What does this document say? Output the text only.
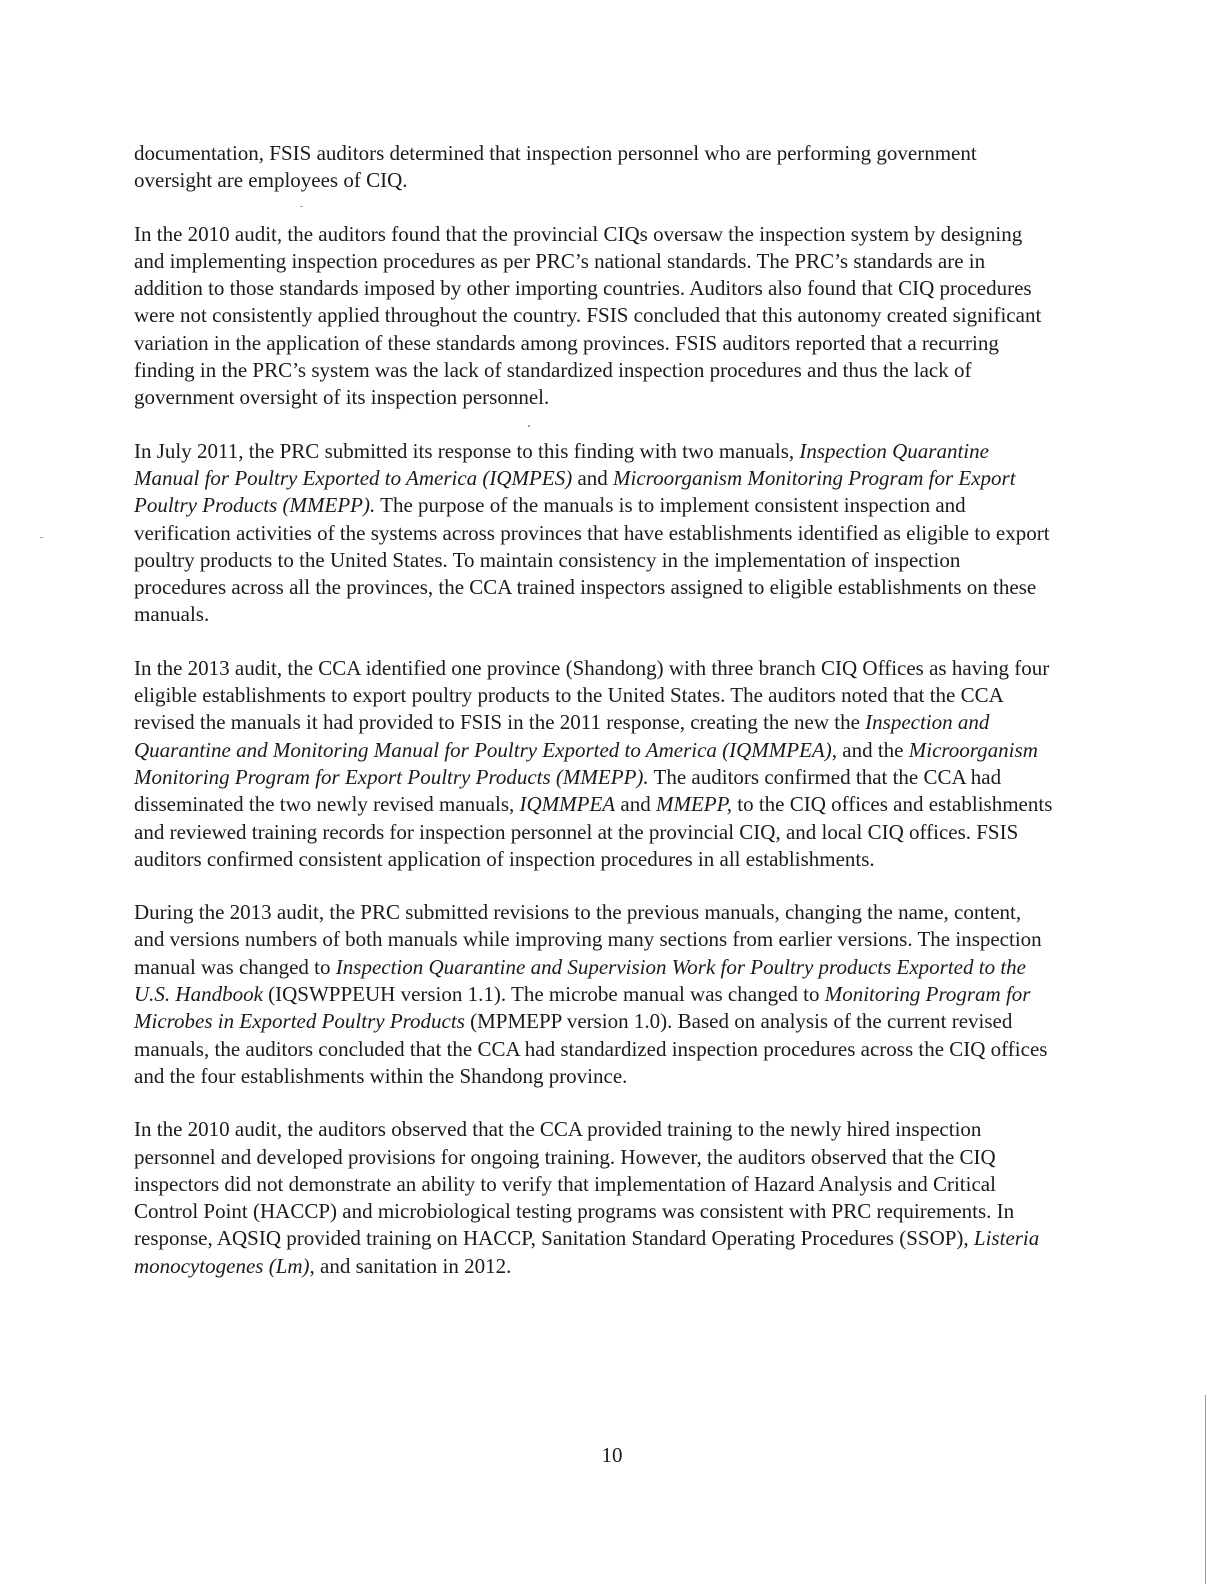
documentation, FSIS auditors determined that inspection personnel who are performing government oversight are employees of CIQ.

In the 2010 audit, the auditors found that the provincial CIQs oversaw the inspection system by designing and implementing inspection procedures as per PRC’s national standards. The PRC’s standards are in addition to those standards imposed by other importing countries. Auditors also found that CIQ procedures were not consistently applied throughout the country. FSIS concluded that this autonomy created significant variation in the application of these standards among provinces. FSIS auditors reported that a recurring finding in the PRC’s system was the lack of standardized inspection procedures and thus the lack of government oversight of its inspection personnel.

In July 2011, the PRC submitted its response to this finding with two manuals, Inspection Quarantine Manual for Poultry Exported to America (IQMPES) and Microorganism Monitoring Program for Export Poultry Products (MMEPP). The purpose of the manuals is to implement consistent inspection and verification activities of the systems across provinces that have establishments identified as eligible to export poultry products to the United States. To maintain consistency in the implementation of inspection procedures across all the provinces, the CCA trained inspectors assigned to eligible establishments on these manuals.

In the 2013 audit, the CCA identified one province (Shandong) with three branch CIQ Offices as having four eligible establishments to export poultry products to the United States. The auditors noted that the CCA revised the manuals it had provided to FSIS in the 2011 response, creating the new the Inspection and Quarantine and Monitoring Manual for Poultry Exported to America (IQMMPEA), and the Microorganism Monitoring Program for Export Poultry Products (MMEPP). The auditors confirmed that the CCA had disseminated the two newly revised manuals, IQMMPEA and MMEPP, to the CIQ offices and establishments and reviewed training records for inspection personnel at the provincial CIQ, and local CIQ offices. FSIS auditors confirmed consistent application of inspection procedures in all establishments.

During the 2013 audit, the PRC submitted revisions to the previous manuals, changing the name, content, and versions numbers of both manuals while improving many sections from earlier versions. The inspection manual was changed to Inspection Quarantine and Supervision Work for Poultry products Exported to the U.S. Handbook (IQSWPPEUH version 1.1). The microbe manual was changed to Monitoring Program for Microbes in Exported Poultry Products (MPMEPP version 1.0). Based on analysis of the current revised manuals, the auditors concluded that the CCA had standardized inspection procedures across the CIQ offices and the four establishments within the Shandong province.

In the 2010 audit, the auditors observed that the CCA provided training to the newly hired inspection personnel and developed provisions for ongoing training. However, the auditors observed that the CIQ inspectors did not demonstrate an ability to verify that implementation of Hazard Analysis and Critical Control Point (HACCP) and microbiological testing programs was consistent with PRC requirements. In response, AQSIQ provided training on HACCP, Sanitation Standard Operating Procedures (SSOP), Listeria monocytogenes (Lm), and sanitation in 2012.

10
